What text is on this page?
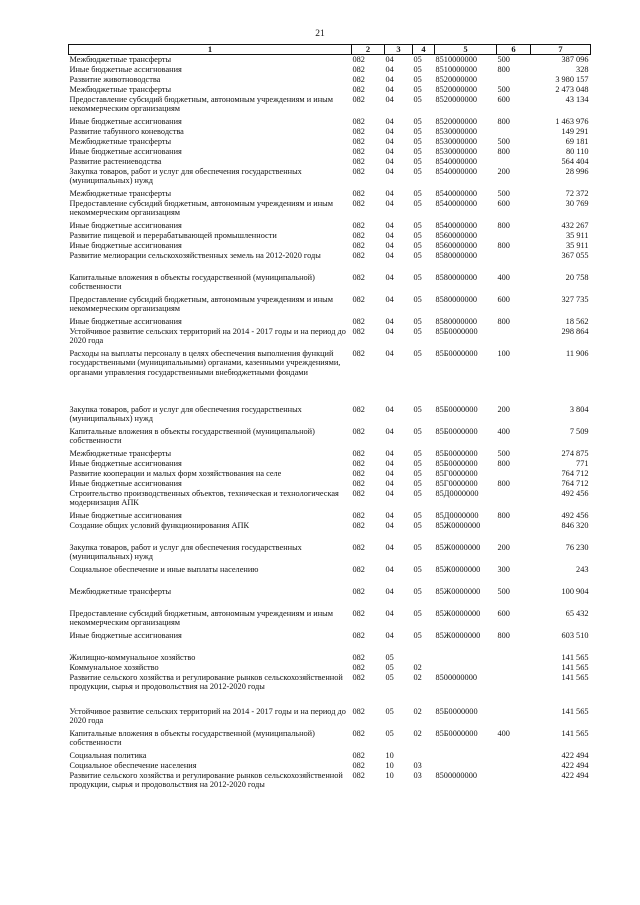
21
1	2	3	4	5	6	7
Межбюджетные трансферты	082	04	05	8510000000	500	387 096
Иные бюджетные ассигнования	082	04	05	8510000000	800	328
Развитие животноводства	082	04	05	8520000000		3 980 157
Межбюджетные трансферты	082	04	05	8520000000	500	2 473 048
Предоставление субсидий бюджетным, автономным учреждениям и иным некоммерческим организациям	082	04	05	8520000000	600	43 134
Иные бюджетные ассигнования	082	04	05	8520000000	800	1 463 976
Развитие табунного коневодства	082	04	05	8530000000		149 291
Межбюджетные трансферты	082	04	05	8530000000	500	69 181
Иные бюджетные ассигнования	082	04	05	8530000000	800	80 110
Развитие растениеводства	082	04	05	8540000000		564 404
Закупка товаров, работ и услуг для обеспечения государственных (муниципальных) нужд	082	04	05	8540000000	200	28 996
Межбюджетные трансферты	082	04	05	8540000000	500	72 372
Предоставление субсидий бюджетным, автономным учреждениям и иным некоммерческим организациям	082	04	05	8540000000	600	30 769
Иные бюджетные ассигнования	082	04	05	8540000000	800	432 267
Развитие пищевой и перерабатывающей промышленности	082	04	05	8560000000		35 911
Иные бюджетные ассигнования	082	04	05	8560000000	800	35 911
Развитие мелиорации сельскохозяйственных земель на 2012-2020 годы	082	04	05	8580000000		367 055
Капитальные вложения в объекты государственной (муниципальной) собственности	082	04	05	8580000000	400	20 758
Предоставление субсидий бюджетным, автономным учреждениям и иным некоммерческим организациям	082	04	05	8580000000	600	327 735
Иные бюджетные ассигнования	082	04	05	8580000000	800	18 562
Устойчивое развитие сельских территорий на 2014 - 2017 годы и на период до 2020 года	082	04	05	85Б0000000		298 864
Расходы на выплаты персоналу в целях обеспечения выполнения функций государственными (муниципальными) органами, казенными учреждениями, органами управления государственными внебюджетными фондами	082	04	05	85Б0000000	100	11 906
Закупка товаров, работ и услуг для обеспечения государственных (муниципальных) нужд	082	04	05	85Б0000000	200	3 804
Капитальные вложения в объекты государственной (муниципальной) собственности	082	04	05	85Б0000000	400	7 509
Межбюджетные трансферты	082	04	05	85Б0000000	500	274 875
Иные бюджетные ассигнования	082	04	05	85Б0000000	800	771
Развитие кооперации и малых форм хозяйствования на селе	082	04	05	85Г0000000		764 712
Иные бюджетные ассигнования	082	04	05	85Г0000000	800	764 712
Строительство производственных объектов, техническая и технологическая модернизация АПК	082	04	05	85Д0000000		492 456
Иные бюджетные ассигнования	082	04	05	85Д0000000	800	492 456
Создание общих условий функционирования АПК	082	04	05	85Ж0000000		846 320
Закупка товаров, работ и услуг для обеспечения государственных (муниципальных) нужд	082	04	05	85Ж0000000	200	76 230
Социальное обеспечение и иные выплаты населению	082	04	05	85Ж0000000	300	243
Межбюджетные трансферты	082	04	05	85Ж0000000	500	100 904
Предоставление субсидий бюджетным, автономным учреждениям и иным некоммерческим организациям	082	04	05	85Ж0000000	600	65 432
Иные бюджетные ассигнования	082	04	05	85Ж0000000	800	603 510
Жилищно-коммунальное хозяйство	082	05				141 565
Коммунальное хозяйство	082	05	02			141 565
Развитие сельского хозяйства и регулирование рынков сельскохозяйственной продукции, сырья и продовольствия на 2012-2020 годы	082	05	02	8500000000		141 565
Устойчивое развитие сельских территорий на 2014 - 2017 годы и на период до 2020 года	082	05	02	85Б0000000		141 565
Капитальные вложения в объекты государственной (муниципальной) собственности	082	05	02	85Б0000000	400	141 565
Социальная политика	082	10				422 494
Социальное обеспечение населения	082	10	03			422 494
Развитие сельского хозяйства и регулирование рынков сельскохозяйственной продукции, сырья и продовольствия на 2012-2020 годы	082	10	03	8500000000		422 494
